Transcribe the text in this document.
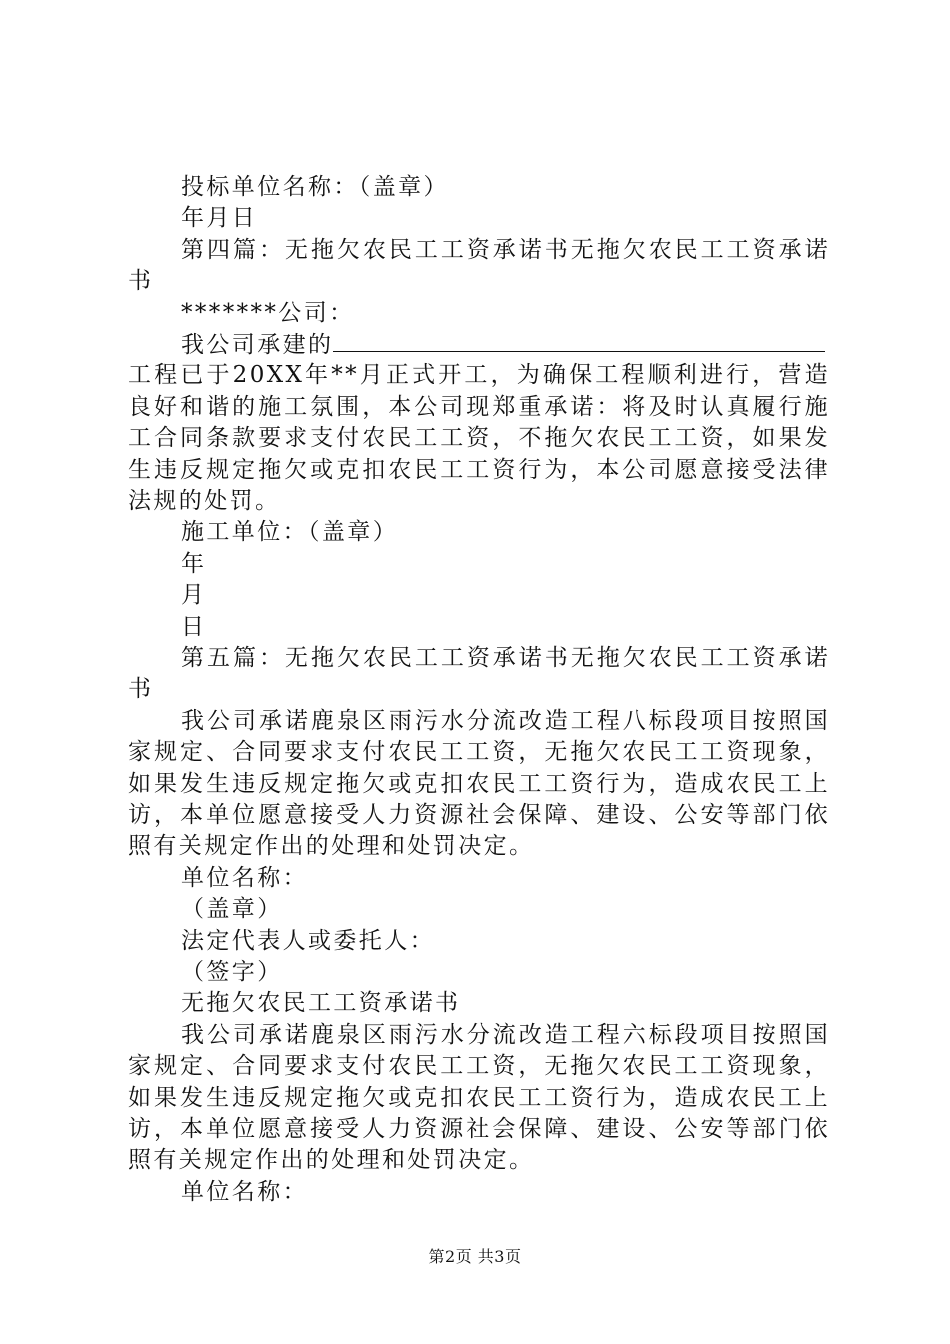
投标单位名称：（盖章）
年月日
第四篇：无拖欠农民工工资承诺书无拖欠农民工工资承诺书
*******公司：
我公司承建的
工程已于20XX年**月正式开工，为确保工程顺利进行，营造良好和谐的施工氛围，本公司现郑重承诺：将及时认真履行施工合同条款要求支付农民工工资，不拖欠农民工工资，如果发生违反规定拖欠或克扣农民工工资行为，本公司愿意接受法律法规的处罚。
施工单位：（盖章）
年
月
日
第五篇：无拖欠农民工工资承诺书无拖欠农民工工资承诺书
我公司承诺鹿泉区雨污水分流改造工程八标段项目按照国家规定、合同要求支付农民工工资，无拖欠农民工工资现象，如果发生违反规定拖欠或克扣农民工工资行为，造成农民工上访，本单位愿意接受人力资源社会保障、建设、公安等部门依照有关规定作出的处理和处罚决定。
单位名称：
（盖章）
法定代表人或委托人：
（签字）
无拖欠农民工工资承诺书
我公司承诺鹿泉区雨污水分流改造工程六标段项目按照国家规定、合同要求支付农民工工资，无拖欠农民工工资现象，如果发生违反规定拖欠或克扣农民工工资行为，造成农民工上访，本单位愿意接受人力资源社会保障、建设、公安等部门依照有关规定作出的处理和处罚决定。
单位名称：
第2页 共3页
